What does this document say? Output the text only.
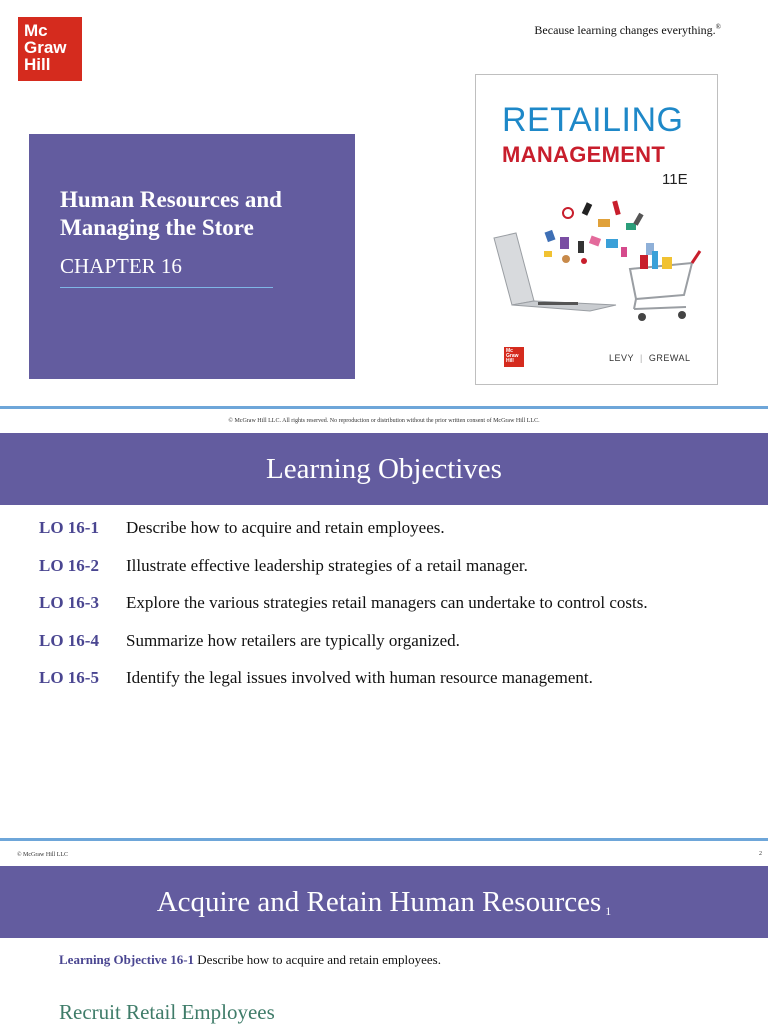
Mc
Graw
Hill
Because learning changes everything.®
Human Resources and Managing the Store
CHAPTER 16
RETAILING
MANAGEMENT
11E
Mc
Graw
Hill	LEVY | GREWAL
© McGraw Hill LLC. All rights reserved. No reproduction or distribution without the prior written consent of McGraw Hill LLC.
Learning Objectives
LO 16-1	Describe how to acquire and retain employees.
LO 16-2	Illustrate effective leadership strategies of a retail manager.
LO 16-3	Explore the various strategies retail managers can undertake to control costs.
LO 16-4	Summarize how retailers are typically organized.
LO 16-5	Identify the legal issues involved with human resource management.
© McGraw Hill LLC	2
Acquire and Retain Human Resources 1
Learning Objective 16-1 Describe how to acquire and retain employees.
Recruit Retail Employees
